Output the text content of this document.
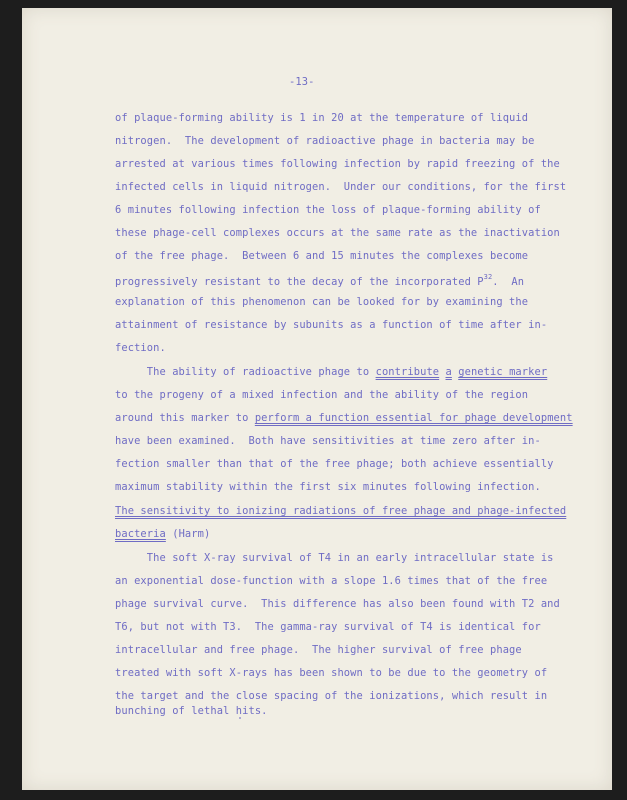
-13-

of plaque-forming ability is 1 in 20 at the temperature of liquid

nitrogen.  The development of radioactive phage in bacteria may be

arrested at various times following infection by rapid freezing of the

infected cells in liquid nitrogen.  Under our conditions, for the first

6 minutes following infection the loss of plaque-forming ability of

these phage-cell complexes occurs at the same rate as the inactivation

of the free phage.  Between 6 and 15 minutes the complexes become

progressively resistant to the decay of the incorporated $P^{32}$.  An

explanation of this phenomenon can be looked for by examining the

attainment of resistance by subunits as a function of time after in-

fection.

The ability of radioactive phage to contribute a genetic marker

to the progeny of a mixed infection and the ability of the region

around this marker to perform a function essential for phage development

have been examined.  Both have sensitivities at time zero after in-

fection smaller than that of the free phage; both achieve essentially

maximum stability within the first six minutes following infection.

The sensitivity to ionizing radiations of free phage and phage-infected

bacteria (Harm)

The soft X-ray survival of T4 in an early intracellular state is

an exponential dose-function with a slope 1.6 times that of the free

phage survival curve.  This difference has also been found with T2 and

T6, but not with T3.  The gamma-ray survival of T4 is identical for

intracellular and free phage.  The higher survival of free phage

treated with soft X-rays has been shown to be due to the geometry of

the target and the close spacing of the ionizations, which result in

bunching of lethal hits.
